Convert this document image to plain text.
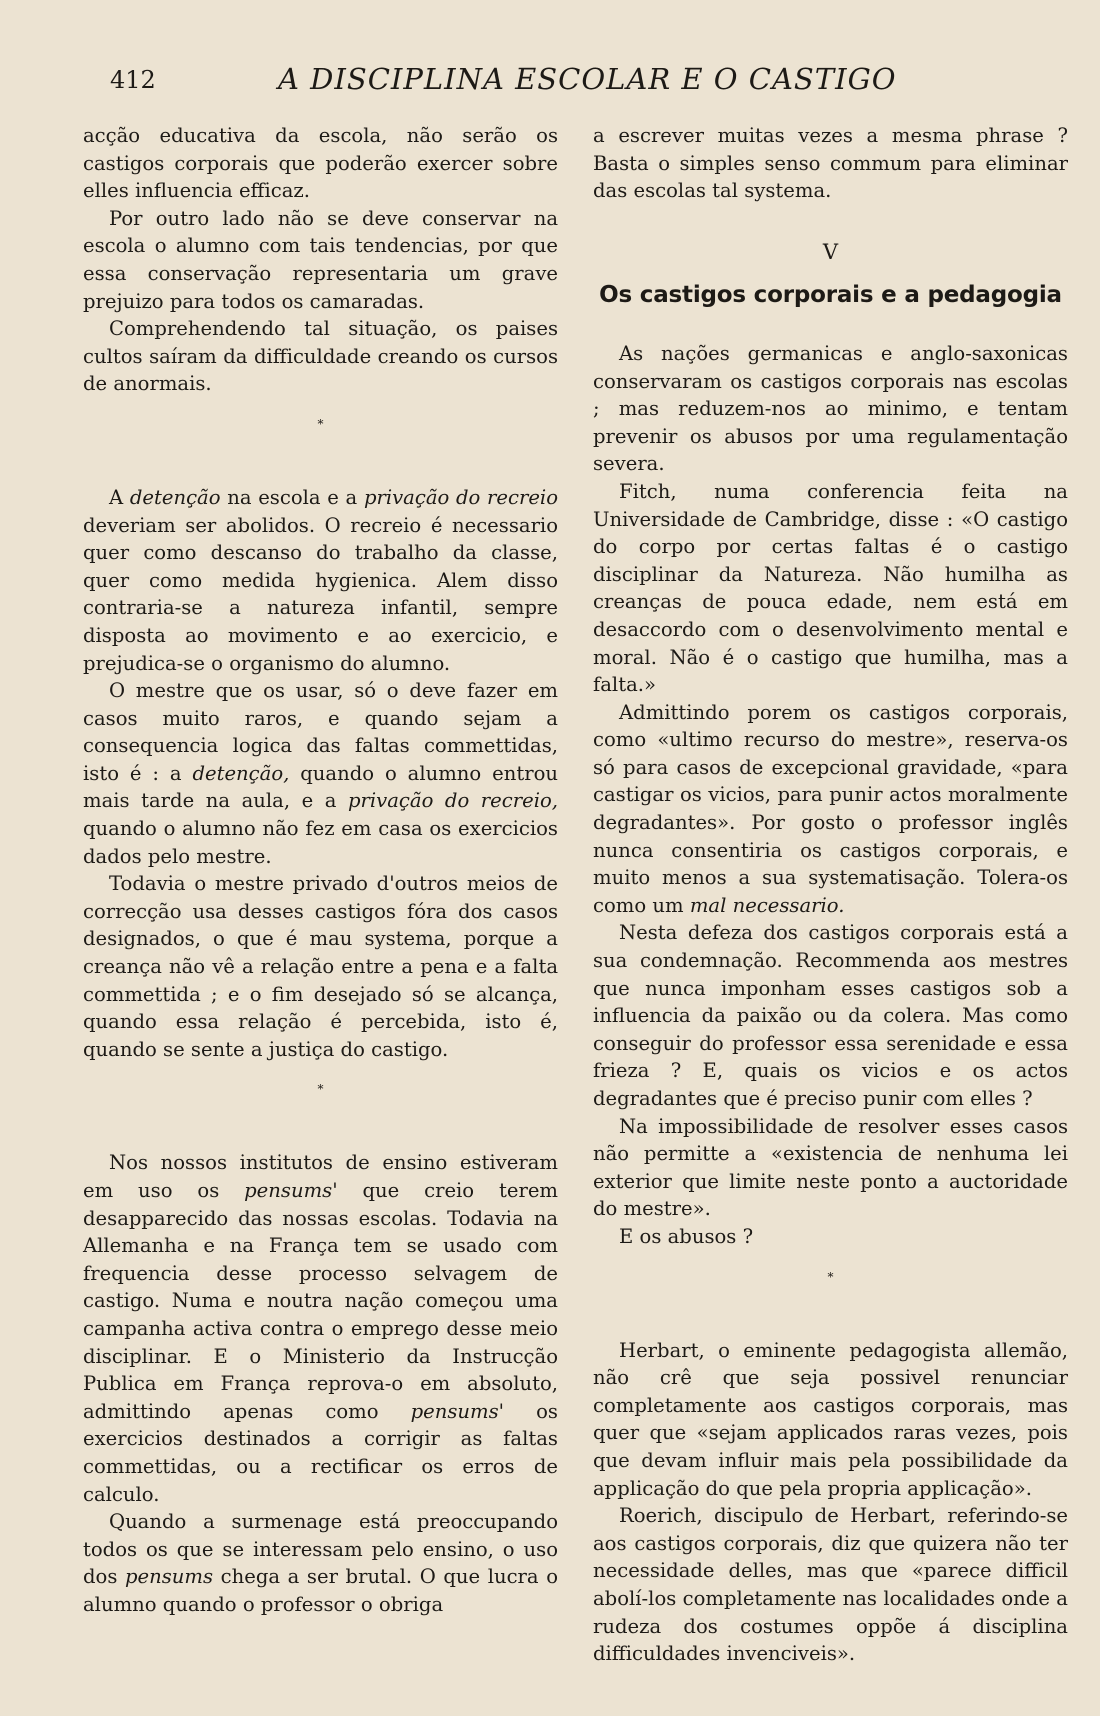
412	A DISCIPLINA ESCOLAR E O CASTIGO

acção educativa da escola, não serão os castigos corporais que poderão exercer sobre elles influencia efficaz.

Por outro lado não se deve conservar na escola o alumno com tais tendencias, por que essa conservação representaria um grave prejuizo para todos os camaradas.

Comprehendendo tal situação, os paises cultos saíram da difficuldade creando os cursos de anormais.

*

A detenção na escola e a privação do recreio deveriam ser abolidos. O recreio é necessario quer como descanso do trabalho da classe, quer como medida hygienica. Alem disso contraria-se a natureza infantil, sempre disposta ao movimento e ao exercicio, e prejudica-se o organismo do alumno.

O mestre que os usar, só o deve fazer em casos muito raros, e quando sejam a consequencia logica das faltas commettidas, isto é : a detenção, quando o alumno entrou mais tarde na aula, e a privação do recreio, quando o alumno não fez em casa os exercicios dados pelo mestre.

Todavia o mestre privado d'outros meios de correcção usa desses castigos fóra dos casos designados, o que é mau systema, porque a creança não vê a relação entre a pena e a falta commettida ; e o fim desejado só se alcança, quando essa relação é percebida, isto é, quando se sente a justiça do castigo.

*

Nos nossos institutos de ensino estiveram em uso os pensums' que creio terem desapparecido das nossas escolas. Todavia na Allemanha e na França tem se usado com frequencia desse processo selvagem de castigo. Numa e noutra nação começou uma campanha activa contra o emprego desse meio disciplinar. E o Ministerio da Instrucção Publica em França reprova-o em absoluto, admittindo apenas como pensums' os exercicios destinados a corrigir as faltas commettidas, ou a rectificar os erros de calculo.

Quando a surmenage está preoccupando todos os que se interessam pelo ensino, o uso dos pensums chega a ser brutal. O que lucra o alumno quando o professor o obriga

a escrever muitas vezes a mesma phrase ? Basta o simples senso commum para eliminar das escolas tal systema.

V
Os castigos corporais e a pedagogia

As nações germanicas e anglo-saxonicas conservaram os castigos corporais nas escolas ; mas reduzem-nos ao minimo, e tentam prevenir os abusos por uma regulamentação severa.

Fitch, numa conferencia feita na Universidade de Cambridge, disse : «O castigo do corpo por certas faltas é o castigo disciplinar da Natureza. Não humilha as creanças de pouca edade, nem está em desaccordo com o desenvolvimento mental e moral. Não é o castigo que humilha, mas a falta.»

Admittindo porem os castigos corporais, como «ultimo recurso do mestre», reserva-os só para casos de excepcional gravidade, «para castigar os vicios, para punir actos moralmente degradantes». Por gosto o professor inglês nunca consentiria os castigos corporais, e muito menos a sua systematisação. Tolera-os como um mal necessario.

Nesta defeza dos castigos corporais está a sua condemnação. Recommenda aos mestres que nunca imponham esses castigos sob a influencia da paixão ou da colera. Mas como conseguir do professor essa serenidade e essa frieza ? E, quais os vicios e os actos degradantes que é preciso punir com elles ?

Na impossibilidade de resolver esses casos não permitte a «existencia de nenhuma lei exterior que limite neste ponto a auctoridade do mestre».

E os abusos ?

*

Herbart, o eminente pedagogista allemão, não crê que seja possivel renunciar completamente aos castigos corporais, mas quer que «sejam applicados raras vezes, pois que devam influir mais pela possibilidade da applicação do que pela propria applicação».

Roerich, discipulo de Herbart, referindo-se aos castigos corporais, diz que quizera não ter necessidade delles, mas que «parece difficil abolí-los completamente nas localidades onde a rudeza dos costumes oppõe á disciplina difficuldades invenciveis».
